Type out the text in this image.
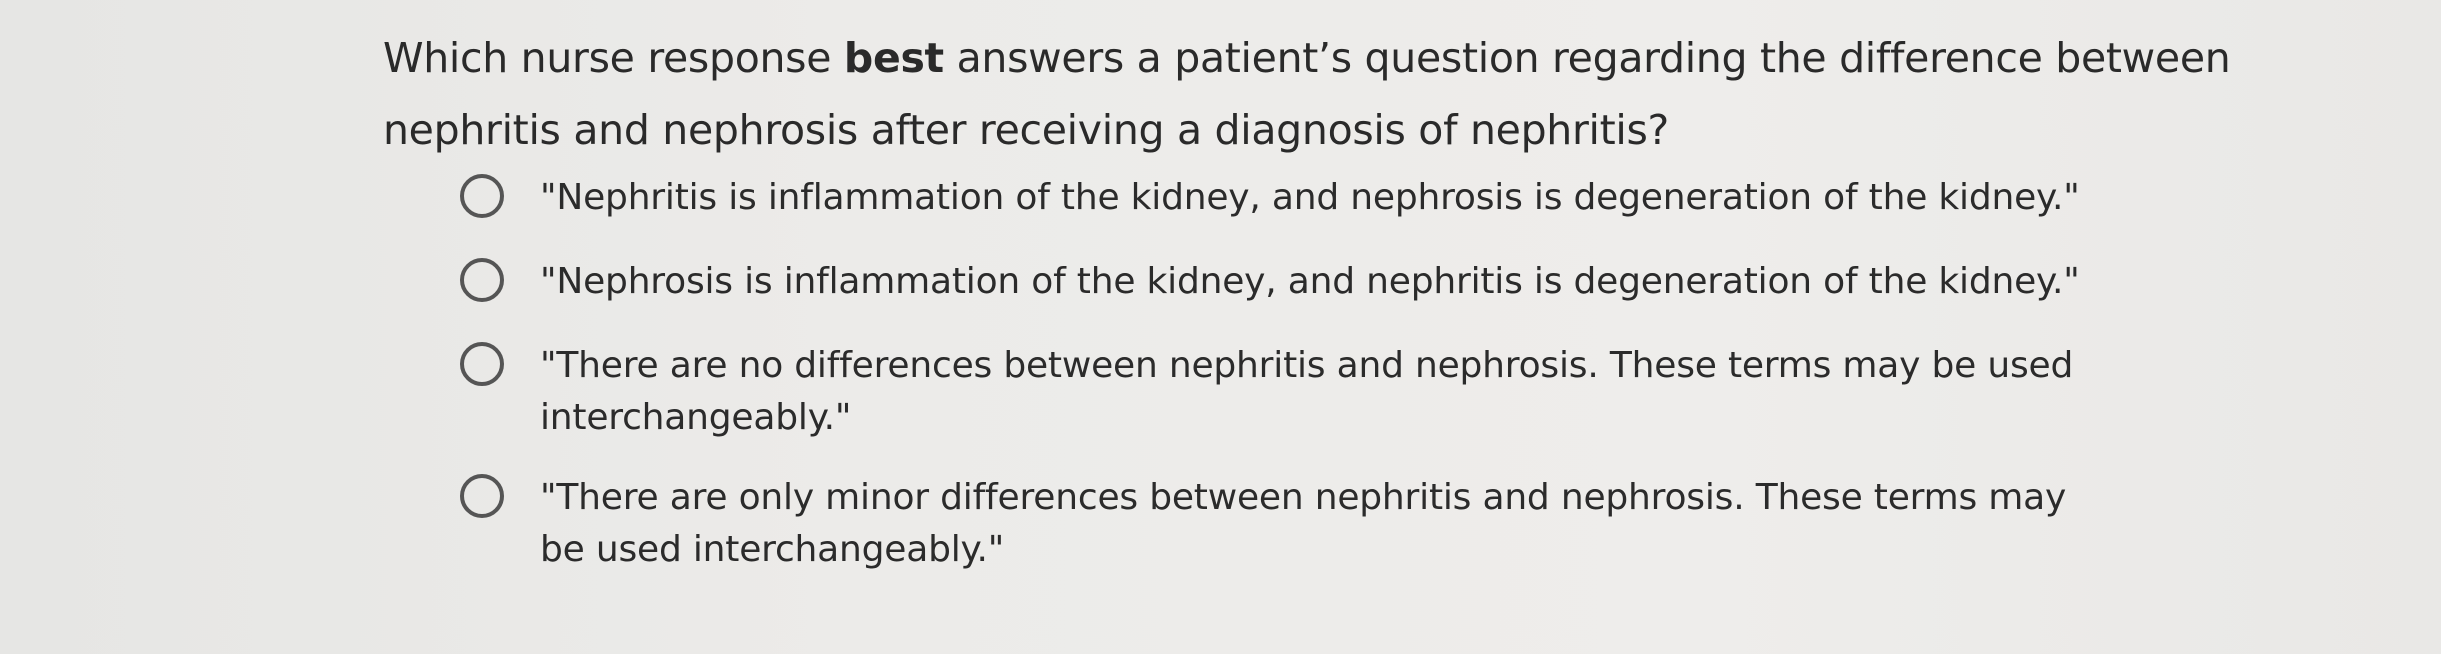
Which nurse response best answers a patient’s question regarding the difference between nephritis and nephrosis after receiving a diagnosis of nephritis?
"Nephritis is inflammation of the kidney, and nephrosis is degeneration of the kidney."
"Nephrosis is inflammation of the kidney, and nephritis is degeneration of the kidney."
"There are no differences between nephritis and nephrosis. These terms may be used interchangeably."
"There are only minor differences between nephritis and nephrosis. These terms may be used interchangeably."
